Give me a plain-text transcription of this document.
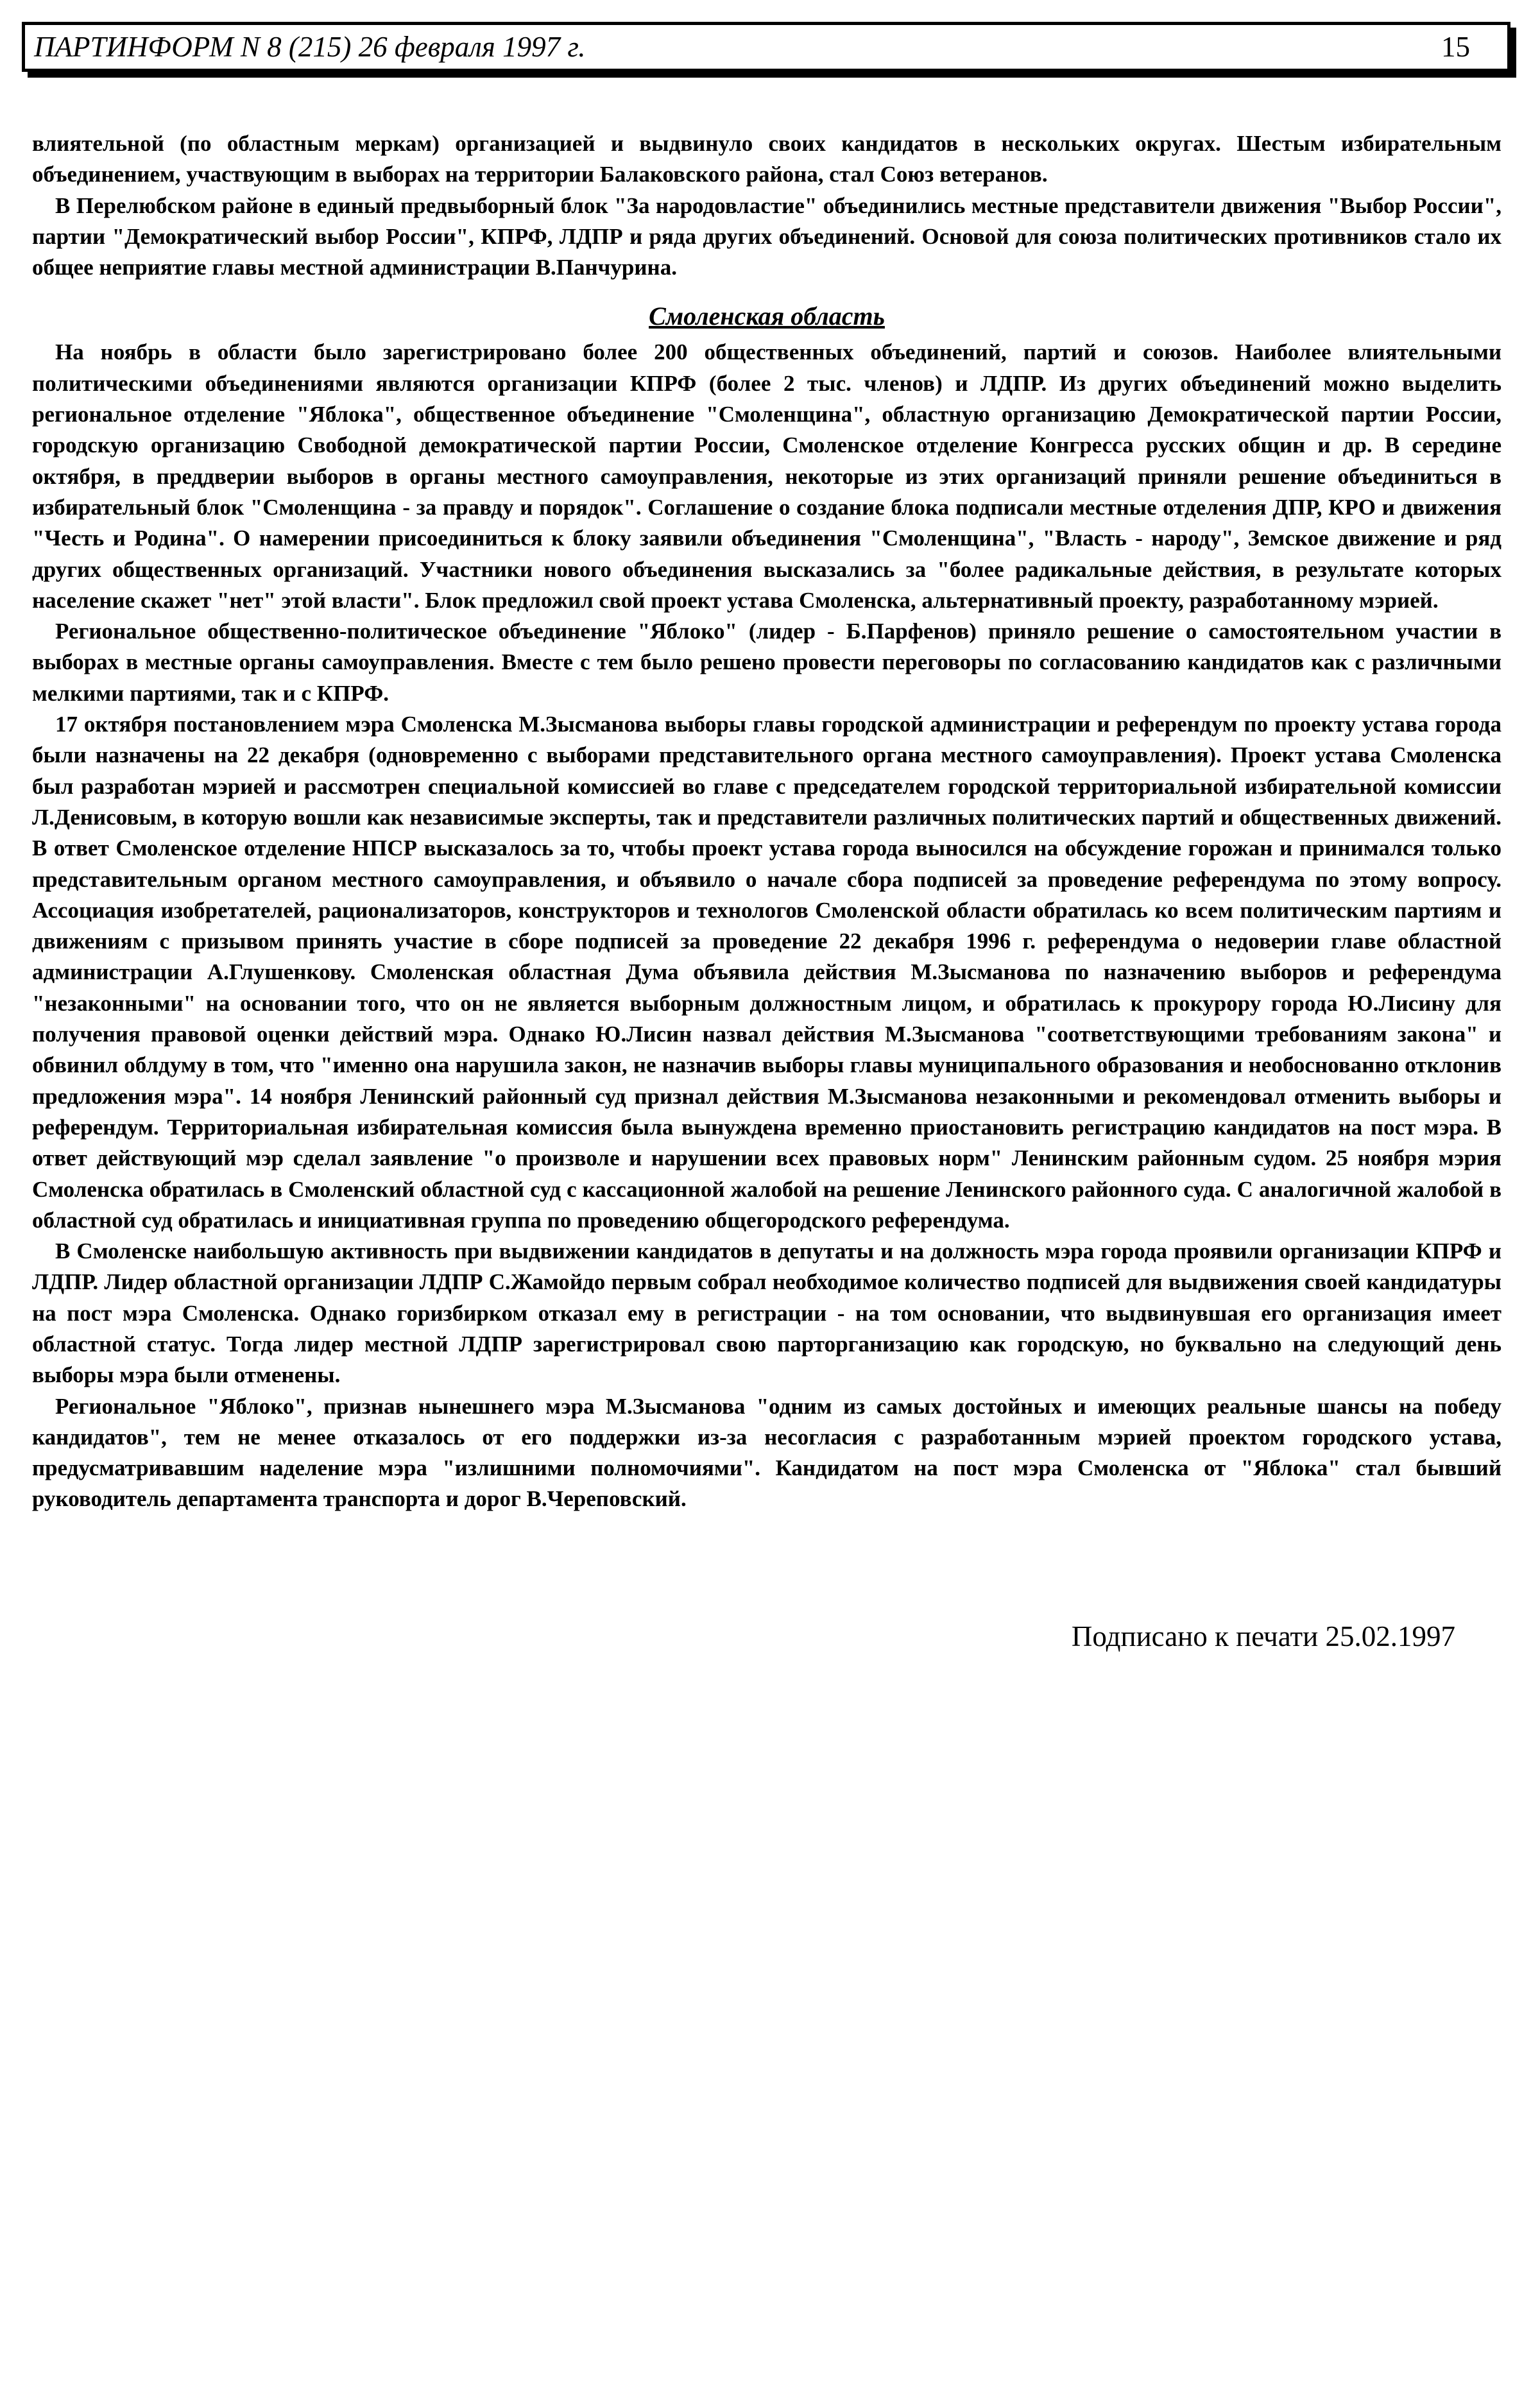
ПАРТИНФОРМ N 8 (215) 26 февраля 1997 г.	15

влиятельной (по областным меркам) организацией и выдвинуло своих кандидатов в нескольких округах. Шестым избирательным объединением, участвующим в выборах на территории Балаковского района, стал Союз ветеранов.

В Перелюбском районе в единый предвыборный блок "За народовластие" объединились местные представители движения "Выбор России", партии "Демократический выбор России", КПРФ, ЛДПР и ряда других объединений. Основой для союза политических противников стало их общее неприятие главы местной администрации В.Панчурина.

Смоленская область

На ноябрь в области было зарегистрировано более 200 общественных объединений, партий и союзов. Наиболее влиятельными политическими объединениями являются организации КПРФ (более 2 тыс. членов) и ЛДПР. Из других объединений можно выделить региональное отделение "Яблока", общественное объединение "Смоленщина", областную организацию Демократической партии России, городскую организацию Свободной демократической партии России, Смоленское отделение Конгресса русских общин и др. В середине октября, в преддверии выборов в органы местного самоуправления, некоторые из этих организаций приняли решение объединиться в избирательный блок "Смоленщина - за правду и порядок". Соглашение о создание блока подписали местные отделения ДПР, КРО и движения "Честь и Родина". О намерении присоединиться к блоку заявили объединения "Смоленщина", "Власть - народу", Земское движение и ряд других общественных организаций. Участники нового объединения высказались за "более радикальные действия, в результате которых население скажет "нет" этой власти". Блок предложил свой проект устава Смоленска, альтернативный проекту, разработанному мэрией.

Региональное общественно-политическое объединение "Яблоко" (лидер - Б.Парфенов) приняло решение о самостоятельном участии в выборах в местные органы самоуправления. Вместе с тем было решено провести переговоры по согласованию кандидатов как с различными мелкими партиями, так и с КПРФ.

17 октября постановлением мэра Смоленска М.Зысманова выборы главы городской администрации и референдум по проекту устава города были назначены на 22 декабря (одновременно с выборами представительного органа местного самоуправления). Проект устава Смоленска был разработан мэрией и рассмотрен специальной комиссией во главе с председателем городской территориальной избирательной комиссии Л.Денисовым, в которую вошли как независимые эксперты, так и представители различных политических партий и общественных движений. В ответ Смоленское отделение НПСР высказалось за то, чтобы проект устава города выносился на обсуждение горожан и принимался только представительным органом местного самоуправления, и объявило о начале сбора подписей за проведение референдума по этому вопросу. Ассоциация изобретателей, рационализаторов, конструкторов и технологов Смоленской области обратилась ко всем политическим партиям и движениям с призывом принять участие в сборе подписей за проведение 22 декабря 1996 г. референдума о недоверии главе областной администрации А.Глушенкову. Смоленская областная Дума объявила действия М.Зысманова по назначению выборов и референдума "незаконными" на основании того, что он не является выборным должностным лицом, и обратилась к прокурору города Ю.Лисину для получения правовой оценки действий мэра. Однако Ю.Лисин назвал действия М.Зысманова "соответствующими требованиям закона" и обвинил облдуму в том, что "именно она нарушила закон, не назначив выборы главы муниципального образования и необоснованно отклонив предложения мэра". 14 ноября Ленинский районный суд признал действия М.Зысманова незаконными и рекомендовал отменить выборы и референдум. Территориальная избирательная комиссия была вынуждена временно приостановить регистрацию кандидатов на пост мэра. В ответ действующий мэр сделал заявление "о произволе и нарушении всех правовых норм" Ленинским районным судом. 25 ноября мэрия Смоленска обратилась в Смоленский областной суд с кассационной жалобой на решение Ленинского районного суда. С аналогичной жалобой в областной суд обратилась и инициативная группа по проведению общегородского референдума.

В Смоленске наибольшую активность при выдвижении кандидатов в депутаты и на должность мэра города проявили организации КПРФ и ЛДПР. Лидер областной организации ЛДПР С.Жамойдо первым собрал необходимое количество подписей для выдвижения своей кандидатуры на пост мэра Смоленска. Однако горизбирком отказал ему в регистрации - на том основании, что выдвинувшая его организация имеет областной статус. Тогда лидер местной ЛДПР зарегистрировал свою парторганизацию как городскую, но буквально на следующий день выборы мэра были отменены.

Региональное "Яблоко", признав нынешнего мэра М.Зысманова "одним из самых достойных и имеющих реальные шансы на победу кандидатов", тем не менее отказалось от его поддержки из-за несогласия с разработанным мэрией проектом городского устава, предусматривавшим наделение мэра "излишними полномочиями". Кандидатом на пост мэра Смоленска от "Яблока" стал бывший руководитель департамента транспорта и дорог В.Череповский.

Подписано к печати 25.02.1997
